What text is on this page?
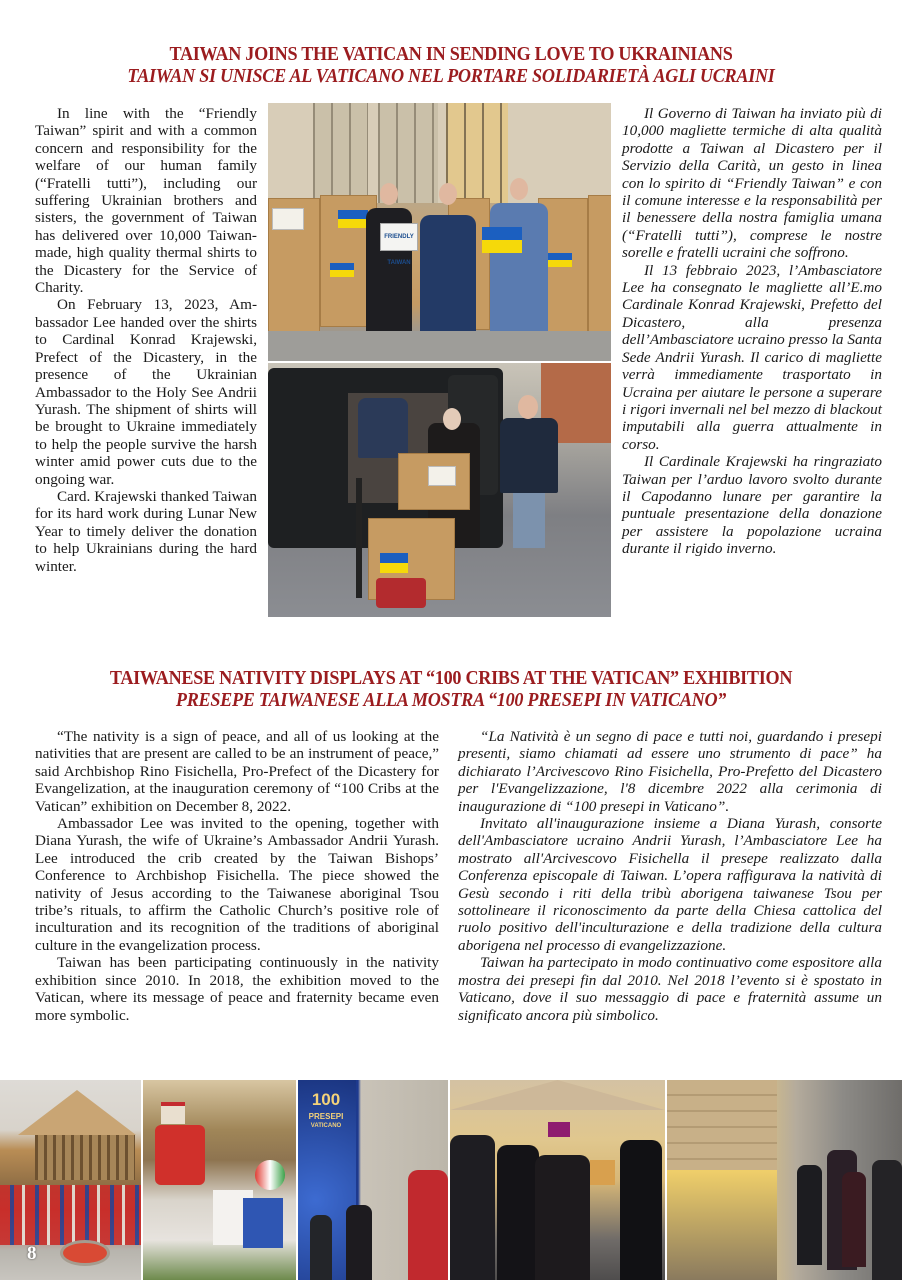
TAIWAN JOINS THE VATICAN IN SENDING LOVE TO UKRAINIANS
TAIWAN SI UNISCE AL VATICANO NEL PORTARE SOLIDARIETÀ AGLI UCRAINI

In line with the “Friendly Taiwan” spirit and with a common concern and responsibility for the welfare of our human family (“Fratelli tutti”), including our suffering Ukrainian brothers and sisters, the government of Taiwan has delivered over 10,000 Taiwan-made, high quality thermal shirts to the Dicastery for the Service of Charity.

On February 13, 2023, Ambassador Lee handed over the shirts to Cardinal Konrad Krajewski, Prefect of the Dicastery, in the presence of the Ukrainian Ambassador to the Holy See Andrii Yurash. The shipment of shirts will be brought to Ukraine immediately to help the people survive the harsh winter amid power cuts due to the ongoing war.

Card. Krajewski thanked Taiwan for its hard work during Lunar New Year to timely deliver the donation to help Ukrainians during the hard winter.

FRIENDLY TAIWAN

Il Governo di Taiwan ha inviato più di 10,000 magliette termiche di alta qualità prodotte a Taiwan al Dicastero per il Servizio della Carità, un gesto in linea con lo spirito di “Friendly Taiwan” e con il comune interesse e la responsabilità per il benessere della nostra famiglia umana (“Fratelli tutti”), comprese le nostre sorelle e fratelli ucraini che soffrono.

Il 13 febbraio 2023, l’Ambasciatore Lee ha consegnato le magliette all’E.mo Cardinale Konrad Krajewski, Prefetto del Dicastero, alla presenza dell’Ambasciatore ucraino presso la Santa Sede Andrii Yurash. Il carico di magliette verrà immediamente trasportato in Ucraina per aiutare le persone a superare i rigori invernali nel bel mezzo di blackout imputabili alla guerra attualmente in corso.

Il Cardinale Krajewski ha ringraziato Taiwan per l’arduo lavoro svolto durante il Capodanno lunare per garantire la puntuale presentazione della donazione per assistere la popolazione ucraina durante il rigido inverno.

TAIWANESE NATIVITY DISPLAYS AT “100 CRIBS AT THE VATICAN” EXHIBITION
PRESEPE TAIWANESE ALLA MOSTRA “100 PRESEPI IN VATICANO”

“The nativity is a sign of peace, and all of us looking at the nativities that are present are called to be an instrument of peace,” said Archbishop Rino Fisichella, Pro-Prefect of the Dicastery for Evangelization, at the inauguration ceremony of “100 Cribs at the Vatican” exhibition on December 8, 2022.

Ambassador Lee was invited to the opening, together with Diana Yurash, the wife of Ukraine’s Ambassador Andrii Yurash. Lee introduced the crib created by the Taiwan Bishops’ Conference to Archbishop Fisichella. The piece showed the nativity of Jesus according to the Taiwanese aboriginal Tsou tribe’s rituals, to affirm the Catholic Church’s positive role of inculturation and its recognition of the traditions of aboriginal culture in the evangelization process.

Taiwan has been participating continuously in the nativity exhibition since 2010. In 2018, the exhibition moved to the Vatican, where its message of peace and fraternity became even more symbolic.

“La Natività è un segno di pace e tutti noi, guardando i presepi presenti, siamo chiamati ad essere uno strumento di pace” ha dichiarato l’Arcivescovo Rino Fisichella, Pro-Prefetto del Dicastero per l'Evangelizzazione, l'8 dicembre 2022 alla cerimonia di inaugurazione di “100 presepi in Vaticano”.

Invitato all'inaugurazione insieme a Diana Yurash, consorte dell'Ambasciatore ucraino Andrii Yurash, l’Ambasciatore Lee ha mostrato all'Arcivescovo Fisichella il presepe realizzato dalla Conferenza episcopale di Taiwan. L’opera raffigurava la natività di Gesù secondo i riti della tribù aborigena taiwanese Tsou per sottolineare il riconoscimento da parte della Chiesa cattolica del ruolo positivo dell'inculturazione e della tradizione della cultura aborigena nel processo di evangelizzazione.

Taiwan ha partecipato in modo continuativo come espositore alla mostra dei presepi fin dal 2010. Nel 2018 l’evento si è spostato in Vaticano, dove il suo messaggio di pace e fraternità assume un significato ancora più simbolico.

100
PRESEPI
VATICANO
8
